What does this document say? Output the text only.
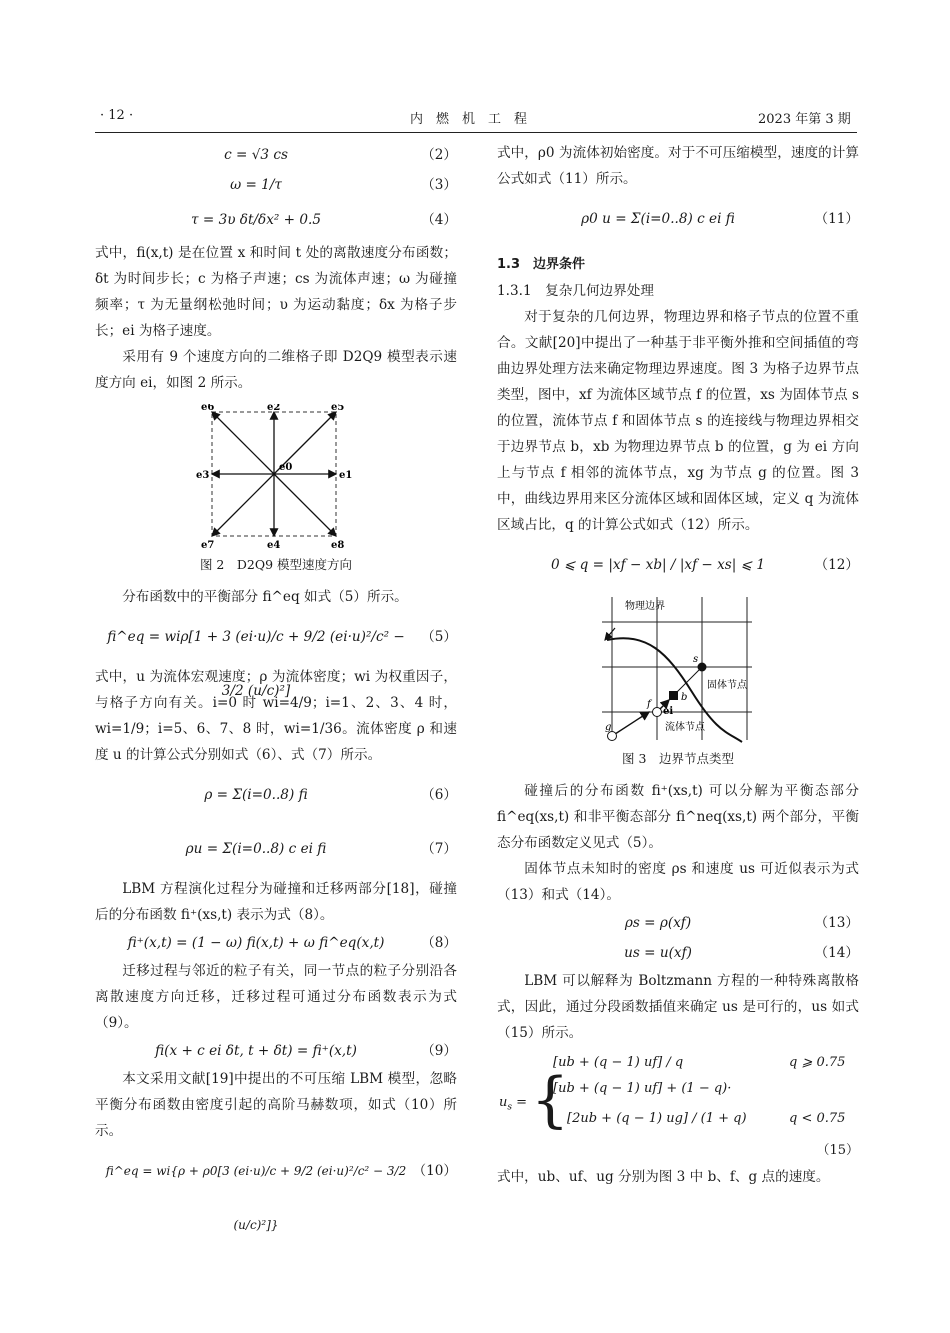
· 12 ·	内　燃　机　工　程	2023 年第 3 期
c = √3 cs	（2）
ω = 1/τ	（3）
τ = 3υ δt/δx² + 0.5	（4）

式中，fi(x,t) 是在位置 x 和时间 t 处的离散速度分布函数；δt 为时间步长；c 为格子声速；cs 为流体声速；ω 为碰撞频率；τ 为无量纲松弛时间；υ 为运动黏度；δx 为格子步长；ei 为格子速度。

采用有 9 个速度方向的二维格子即 D2Q9 模型表示速度方向 ei，如图 2 所示。

e0
e1
e2
e3
e4
e5
e6
e7	e8
图 2　D2Q9 模型速度方向

分布函数中的平衡部分 fi^eq 如式（5）所示。

fi^eq = wiρ[1 + 3 (ei·u)/c + 9/2 (ei·u)²/c² − 3/2 (u/c)²]
（5）

式中，u 为流体宏观速度；ρ 为流体密度；wi 为权重因子，与格子方向有关。i=0 时 wi=4/9；i=1、2、3、4 时，wi=1/9；i=5、6、7、8 时，wi=1/36。流体密度 ρ 和速度 u 的计算公式分别如式（6）、式（7）所示。

ρ = Σ(i=0..8) fi	（6）
ρu = Σ(i=0..8) c ei fi	（7）

LBM 方程演化过程分为碰撞和迁移两部分[18]，碰撞后的分布函数 fi⁺(xs,t) 表示为式（8）。

fi⁺(x,t) = (1 − ω) fi(x,t) + ω fi^eq(x,t)	（8）

迁移过程与邻近的粒子有关，同一节点的粒子分别沿各离散速度方向迁移，迁移过程可通过分布函数表示为式（9）。

fi(x + c ei δt, t + δt) = fi⁺(x,t)	（9）

本文采用文献[19]中提出的不可压缩 LBM 模型，忽略平衡分布函数由密度引起的高阶马赫数项，如式（10）所示。

fi^eq = wi{ρ + ρ0[3 (ei·u)/c + 9/2 (ei·u)²/c² − 3/2 (u/c)²]}
（10）

式中，ρ0 为流体初始密度。对于不可压缩模型，速度的计算公式如式（11）所示。

ρ0 u = Σ(i=0..8) c ei fi	（11）
1.3　边界条件
1.3.1　复杂几何边界处理

对于复杂的几何边界，物理边界和格子节点的位置不重合。文献[20]中提出了一种基于非平衡外推和空间插值的弯曲边界处理方法来确定物理边界速度。图 3 为格子边界节点类型，图中，xf 为流体区域节点 f 的位置，xs 为固体节点 s 的位置，流体节点 f 和固体节点 s 的连接线与物理边界相交于边界节点 b，xb 为物理边界节点 b 的位置，g 为 ei 方向上与节点 f 相邻的流体节点，xg 为节点 g 的位置。图 3 中，曲线边界用来区分流体区域和固体区域，定义 q 为流体区域占比，q 的计算公式如式（12）所示。

0 ⩽ q = |xf − xb| / |xf − xs| ⩽ 1	（12）
物理边界
固体节点
流体节点
s
b
f
g
ei
图 3　边界节点类型

碰撞后的分布函数 fi⁺(xs,t) 可以分解为平衡态部分 fi^eq(xs,t) 和非平衡态部分 fi^neq(xs,t) 两个部分，平衡态分布函数定义见式（5）。

固体节点未知时的密度 ρs 和速度 us 可近似表示为式（13）和式（14）。

ρs = ρ(xf)	（13）
us = u(xf)	（14）

LBM 可以解释为 Boltzmann 方程的一种特殊离散格式，因此，通过分段函数插值来确定 us 是可行的，us 如式（15）所示。

$u_s$ = {
[ub + (q − 1) uf] / q	q ⩾ 0.75
[ub + (q − 1) uf] + (1 − q)·
[2ub + (q − 1) ug] / (1 + q)	q < 0.75
（15）

式中，ub、uf、ug 分别为图 3 中 b、f、g 点的速度。
